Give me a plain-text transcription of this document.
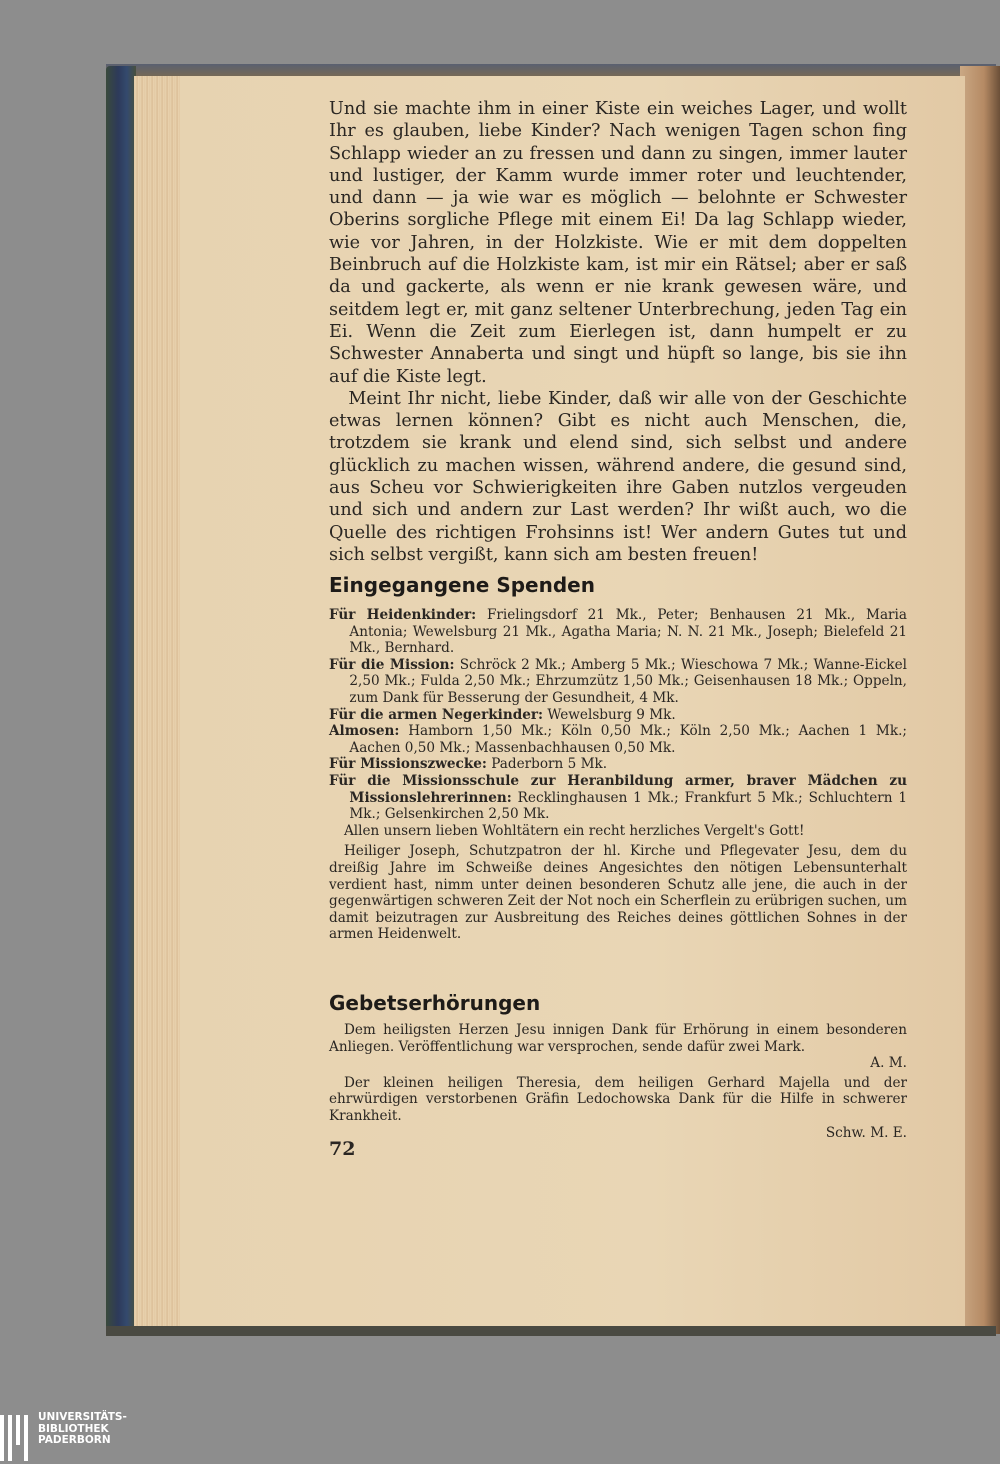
Und sie machte ihm in einer Kiste ein weiches Lager, und wollt Ihr es glauben, liebe Kinder? Nach wenigen Tagen schon fing Schlapp wieder an zu fressen und dann zu singen, immer lauter und lustiger, der Kamm wurde immer roter und leuchtender, und dann — ja wie war es möglich — belohnte er Schwester Oberins sorgliche Pflege mit einem Ei! Da lag Schlapp wieder, wie vor Jahren, in der Holzkiste. Wie er mit dem doppelten Beinbruch auf die Holzkiste kam, ist mir ein Rätsel; aber er saß da und gackerte, als wenn er nie krank gewesen wäre, und seitdem legt er, mit ganz seltener Unterbrechung, jeden Tag ein Ei. Wenn die Zeit zum Eierlegen ist, dann humpelt er zu Schwester Annaberta und singt und hüpft so lange, bis sie ihn auf die Kiste legt.

Meint Ihr nicht, liebe Kinder, daß wir alle von der Geschichte etwas lernen können? Gibt es nicht auch Menschen, die, trotzdem sie krank und elend sind, sich selbst und andere glücklich zu machen wissen, während andere, die gesund sind, aus Scheu vor Schwierigkeiten ihre Gaben nutzlos vergeuden und sich und andern zur Last werden? Ihr wißt auch, wo die Quelle des richtigen Frohsinns ist! Wer andern Gutes tut und sich selbst vergißt, kann sich am besten freuen!

Eingegangene Spenden

Für Heidenkinder: Frielingsdorf 21 Mk., Peter; Benhausen 21 Mk., Maria Antonia; Wewelsburg 21 Mk., Agatha Maria; N. N. 21 Mk., Joseph; Bielefeld 21 Mk., Bernhard.

Für die Mission: Schröck 2 Mk.; Amberg 5 Mk.; Wieschowa 7 Mk.; Wanne-Eickel 2,50 Mk.; Fulda 2,50 Mk.; Ehrzumzütz 1,50 Mk.; Geisenhausen 18 Mk.; Oppeln, zum Dank für Besserung der Gesundheit, 4 Mk.

Für die armen Negerkinder: Wewelsburg 9 Mk.

Almosen: Hamborn 1,50 Mk.; Köln 0,50 Mk.; Köln 2,50 Mk.; Aachen 1 Mk.; Aachen 0,50 Mk.; Massenbachhausen 0,50 Mk.

Für Missionszwecke: Paderborn 5 Mk.

Für die Missionsschule zur Heranbildung armer, braver Mädchen zu Missionslehrerinnen: Recklinghausen 1 Mk.; Frankfurt 5 Mk.; Schluchtern 1 Mk.; Gelsenkirchen 2,50 Mk.

Allen unsern lieben Wohltätern ein recht herzliches Vergelt's Gott!

Heiliger Joseph, Schutzpatron der hl. Kirche und Pflegevater Jesu, dem du dreißig Jahre im Schweiße deines Angesichtes den nötigen Lebensunterhalt verdient hast, nimm unter deinen besonderen Schutz alle jene, die auch in der gegenwärtigen schweren Zeit der Not noch ein Scherflein zu erübrigen suchen, um damit beizutragen zur Ausbreitung des Reiches deines göttlichen Sohnes in der armen Heidenwelt.

Gebetserhörungen

Dem heiligsten Herzen Jesu innigen Dank für Erhörung in einem besonderen Anliegen. Veröffentlichung war versprochen, sende dafür zwei Mark.

A. M.

Der kleinen heiligen Theresia, dem heiligen Gerhard Majella und der ehrwürdigen verstorbenen Gräfin Ledochowska Dank für die Hilfe in schwerer Krankheit.

Schw. M. E.

72
UNIVERSITÄTS-
BIBLIOTHEK
PADERBORN
